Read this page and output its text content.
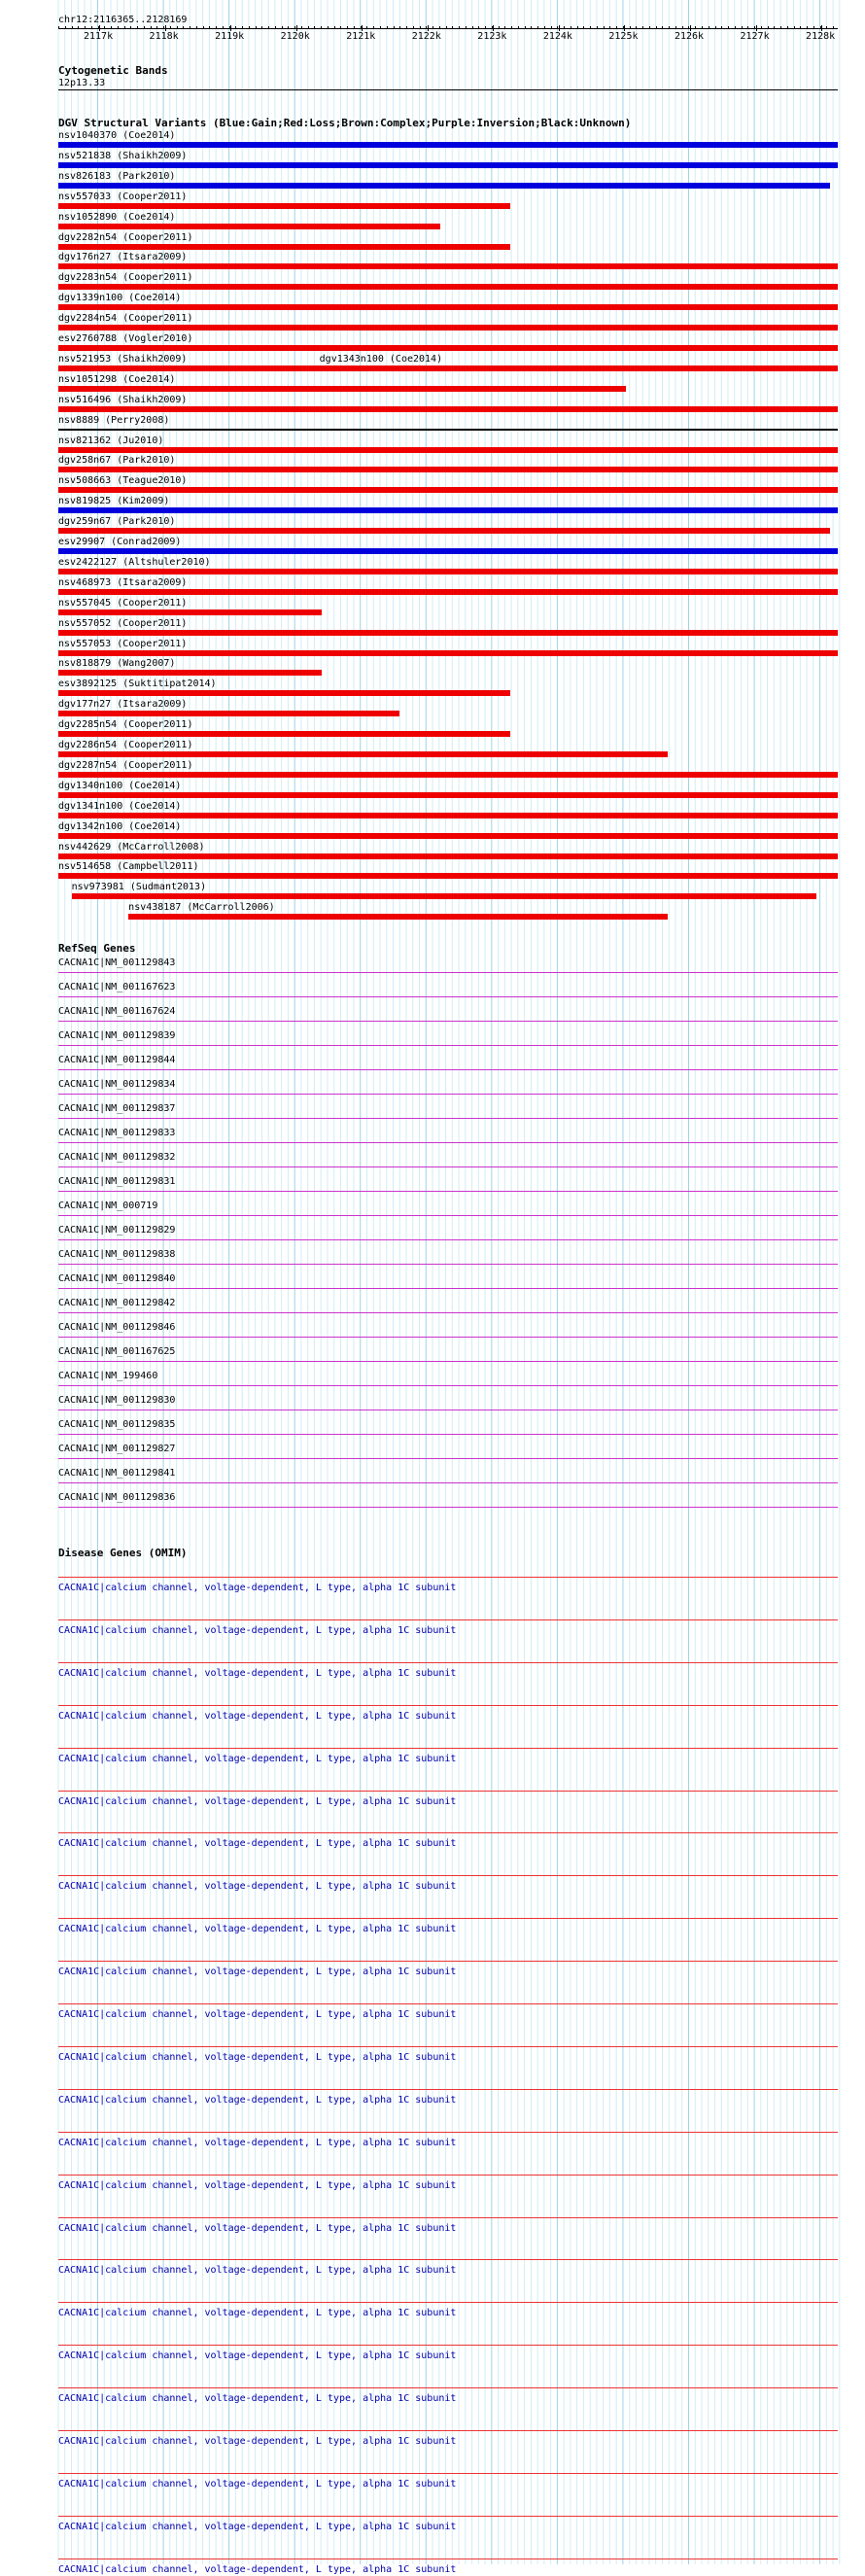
chr12:2116365..2128169
2117k	2118k	2119k	2120k	2121k	2122k	2123k	2124k	2125k	2126k	2127k	2128k
Cytogenetic Bands
12p13.33
DGV Structural Variants (Blue:Gain;Red:Loss;Brown:Complex;Purple:Inversion;Black:Unknown)
nsv1040370 (Coe2014)
nsv521838 (Shaikh2009)
nsv826183 (Park2010)
nsv557033 (Cooper2011)
nsv1052890 (Coe2014)
dgv2282n54 (Cooper2011)
dgv176n27 (Itsara2009)
dgv2283n54 (Cooper2011)
dgv1339n100 (Coe2014)
dgv2284n54 (Cooper2011)
esv2760788 (Vogler2010)
nsv521953 (Shaikh2009)	dgv1343n100 (Coe2014)
nsv1051298 (Coe2014)
nsv516496 (Shaikh2009)
nsv8889 (Perry2008)
nsv821362 (Ju2010)
dgv258n67 (Park2010)
nsv508663 (Teague2010)
nsv819825 (Kim2009)
dgv259n67 (Park2010)
esv29907 (Conrad2009)
esv2422127 (Altshuler2010)
nsv468973 (Itsara2009)
nsv557045 (Cooper2011)
nsv557052 (Cooper2011)
nsv557053 (Cooper2011)
nsv818879 (Wang2007)
esv3892125 (Suktitipat2014)
dgv177n27 (Itsara2009)
dgv2285n54 (Cooper2011)
dgv2286n54 (Cooper2011)
dgv2287n54 (Cooper2011)
dgv1340n100 (Coe2014)
dgv1341n100 (Coe2014)
dgv1342n100 (Coe2014)
nsv442629 (McCarroll2008)
nsv514658 (Campbell2011)
nsv973981 (Sudmant2013)
nsv438187 (McCarroll2006)
RefSeq Genes
CACNA1C|NM_001129843
CACNA1C|NM_001167623
CACNA1C|NM_001167624
CACNA1C|NM_001129839
CACNA1C|NM_001129844
CACNA1C|NM_001129834
CACNA1C|NM_001129837
CACNA1C|NM_001129833
CACNA1C|NM_001129832
CACNA1C|NM_001129831
CACNA1C|NM_000719
CACNA1C|NM_001129829
CACNA1C|NM_001129838
CACNA1C|NM_001129840
CACNA1C|NM_001129842
CACNA1C|NM_001129846
CACNA1C|NM_001167625
CACNA1C|NM_199460
CACNA1C|NM_001129830
CACNA1C|NM_001129835
CACNA1C|NM_001129827
CACNA1C|NM_001129841
CACNA1C|NM_001129836
Disease Genes (OMIM)
CACNA1C|calcium channel, voltage-dependent, L type, alpha 1C subunit
CACNA1C|calcium channel, voltage-dependent, L type, alpha 1C subunit
CACNA1C|calcium channel, voltage-dependent, L type, alpha 1C subunit
CACNA1C|calcium channel, voltage-dependent, L type, alpha 1C subunit
CACNA1C|calcium channel, voltage-dependent, L type, alpha 1C subunit
CACNA1C|calcium channel, voltage-dependent, L type, alpha 1C subunit
CACNA1C|calcium channel, voltage-dependent, L type, alpha 1C subunit
CACNA1C|calcium channel, voltage-dependent, L type, alpha 1C subunit
CACNA1C|calcium channel, voltage-dependent, L type, alpha 1C subunit
CACNA1C|calcium channel, voltage-dependent, L type, alpha 1C subunit
CACNA1C|calcium channel, voltage-dependent, L type, alpha 1C subunit
CACNA1C|calcium channel, voltage-dependent, L type, alpha 1C subunit
CACNA1C|calcium channel, voltage-dependent, L type, alpha 1C subunit
CACNA1C|calcium channel, voltage-dependent, L type, alpha 1C subunit
CACNA1C|calcium channel, voltage-dependent, L type, alpha 1C subunit
CACNA1C|calcium channel, voltage-dependent, L type, alpha 1C subunit
CACNA1C|calcium channel, voltage-dependent, L type, alpha 1C subunit
CACNA1C|calcium channel, voltage-dependent, L type, alpha 1C subunit
CACNA1C|calcium channel, voltage-dependent, L type, alpha 1C subunit
CACNA1C|calcium channel, voltage-dependent, L type, alpha 1C subunit
CACNA1C|calcium channel, voltage-dependent, L type, alpha 1C subunit
CACNA1C|calcium channel, voltage-dependent, L type, alpha 1C subunit
CACNA1C|calcium channel, voltage-dependent, L type, alpha 1C subunit
CACNA1C|calcium channel, voltage-dependent, L type, alpha 1C subunit
